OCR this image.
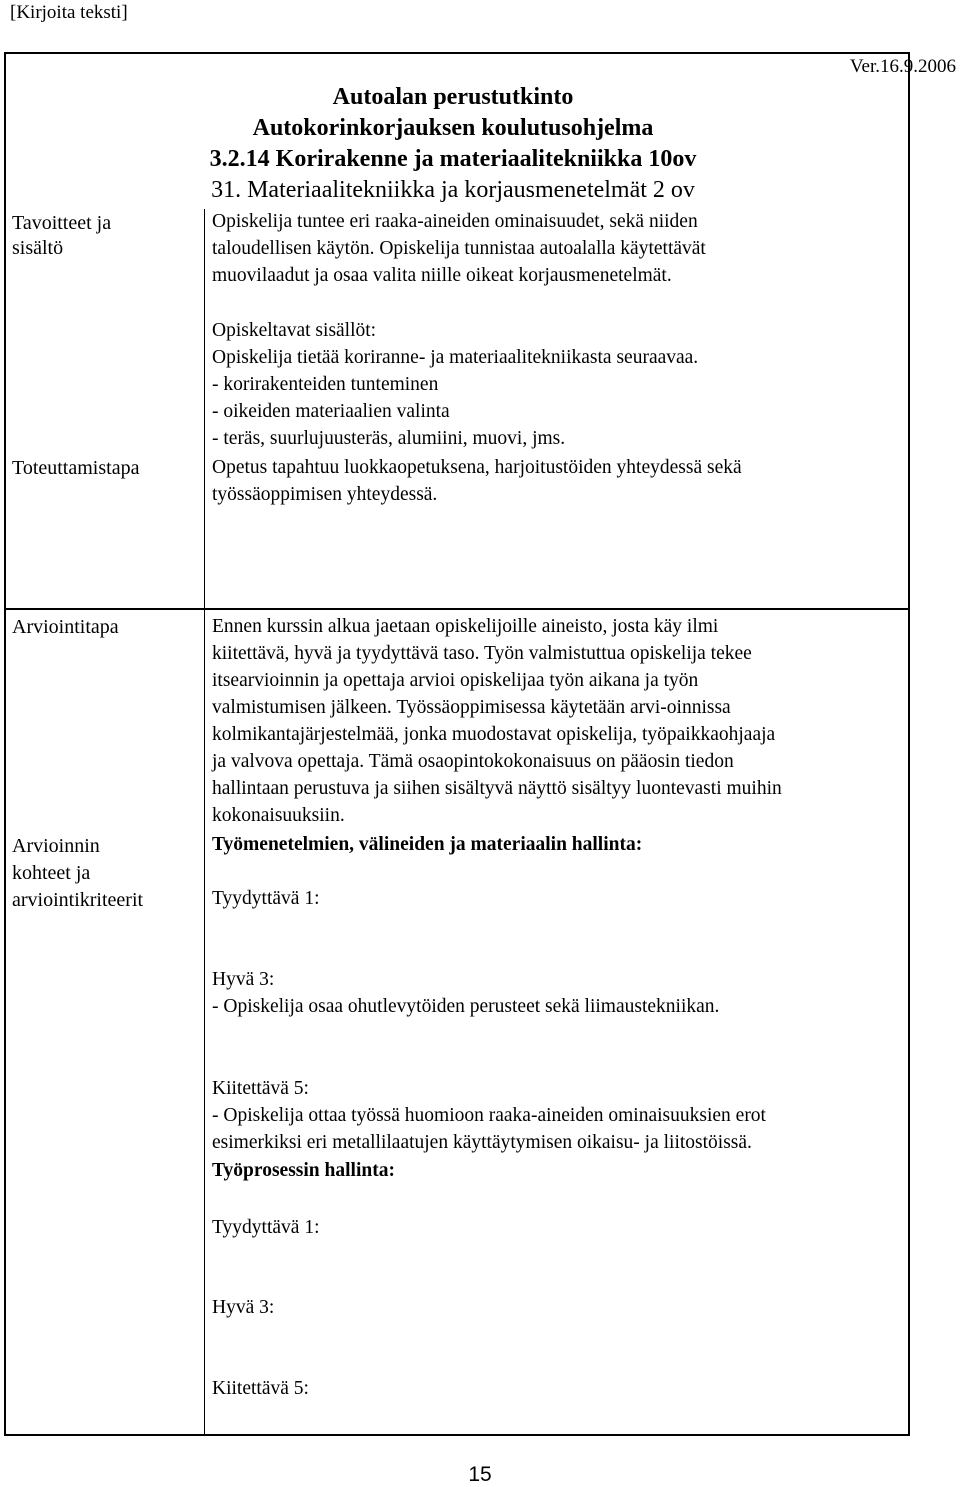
[Kirjoita teksti]
Ver.16.9.2006
Autoalan perustutkinto
Autokorinkorjauksen koulutusohjelma
3.2.14 Korirakenne ja materiaalitekniikka 10ov
31. Materiaalitekniikka ja korjausmenetelmät 2 ov
Tavoitteet ja
sisältö
Opiskelija tuntee eri raaka-aineiden ominaisuudet, sekä niiden
taloudellisen käytön. Opiskelija tunnistaa autoalalla käytettävät
muovilaadut ja osaa valita niille oikeat korjausmenetelmät.
Opiskeltavat sisällöt:
Opiskelija tietää koriranne- ja materiaalitekniikasta seuraavaa.
- korirakenteiden tunteminen
- oikeiden materiaalien valinta
- teräs, suurlujuusteräs, alumiini, muovi, jms.
Toteuttamistapa	Opetus tapahtuu luokkaopetuksena, harjoitustöiden yhteydessä sekä
työssäoppimisen yhteydessä.
Arviointitapa	Ennen kurssin alkua jaetaan opiskelijoille aineisto, josta käy ilmi
kiitettävä, hyvä ja tyydyttävä taso. Työn valmistuttua opiskelija tekee
itsearvioinnin ja opettaja arvioi opiskelijaa työn aikana ja työn
valmistumisen jälkeen. Työssäoppimisessa käytetään arvi-oinnissa
kolmikantajärjestelmää, jonka muodostavat opiskelija, työpaikkaohjaaja
ja valvova opettaja. Tämä osaopintokokonaisuus on pääosin tiedon
hallintaan perustuva ja siihen sisältyvä näyttö sisältyy luontevasti muihin
kokonaisuuksiin.
Arvioinnin
kohteet ja
arviointikriteerit
Työmenetelmien, välineiden ja materiaalin hallinta:
Tyydyttävä 1:
Hyvä 3:
- Opiskelija osaa ohutlevytöiden perusteet sekä liimaustekniikan.
Kiitettävä 5:
- Opiskelija ottaa työssä huomioon raaka-aineiden ominaisuuksien erot
esimerkiksi eri metallilaatujen käyttäytymisen oikaisu- ja liitostöissä.
Työprosessin hallinta:
Tyydyttävä 1:
Hyvä 3:
Kiitettävä 5:
15
